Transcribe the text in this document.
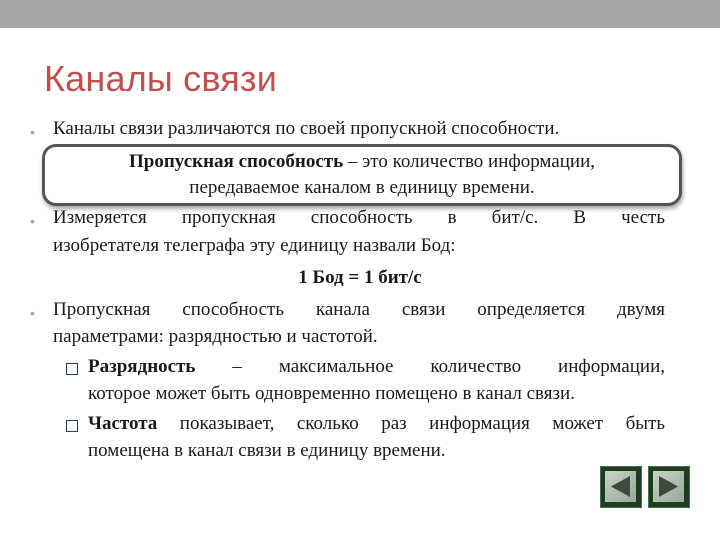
Каналы связи
• Каналы связи различаются по своей пропускной способности.
Пропускная способность – это количество информации,
передаваемое каналом в единицу времени.
• Измеряется пропускная способность в бит/с. В честь
изобретателя телеграфа эту единицу назвали Бод:
1 Бод = 1 бит/с
• Пропускная способность канала связи определяется двумя
параметрами: разрядностью и частотой.
Разрядность – максимальное количество информации,
которое может быть одновременно помещено в канал связи.
Частота показывает, сколько раз информация может быть
помещена в канал связи в единицу времени.
